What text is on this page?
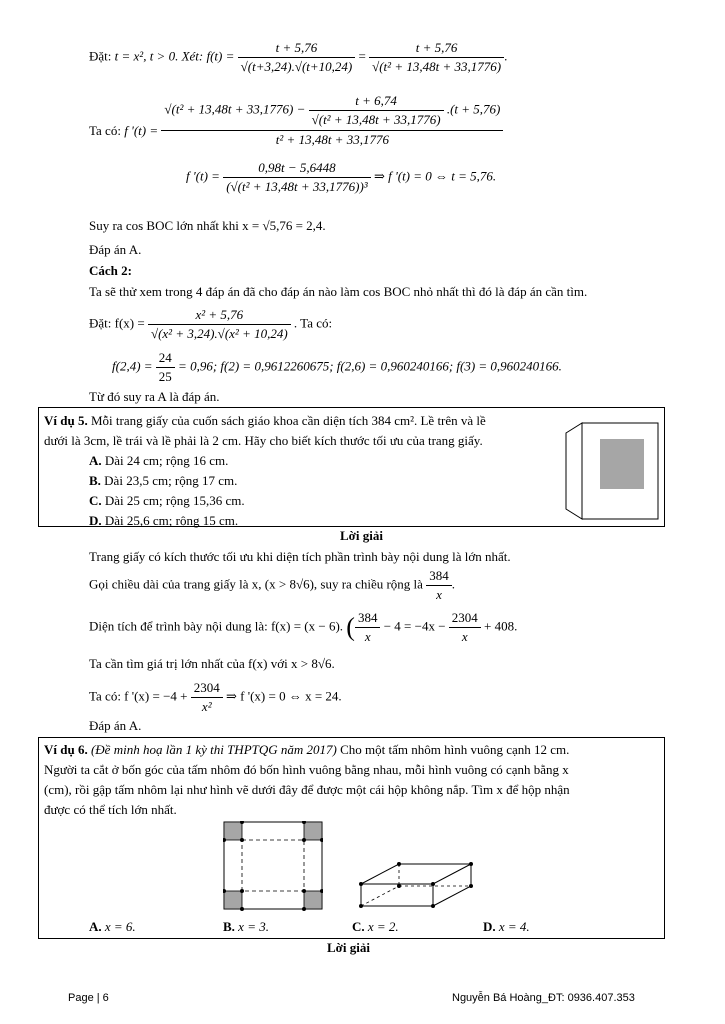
Đặt: t = x², t > 0. Xét: $f(t) = \frac{t + 5,76}{√(t+3,24).√(t+10,24)} = \frac{t + 5,76}{\text{√(t² + 13,48t + 33,1776)}}$ .
Ta có: f '(t) =
$√(t^2 + 13,48t + 33,1776) - \frac{t + 6,74}{\text{√(t² + 13,48t + 33,1776)}} .(t + 5,76)$
t² + 13,48t + 33,1776
f '$(t) = \frac{0,98t - 5,6448}{\text{(√(t² + 13,48t + 33,1776))³}}$ ⇒ f '(t) = 0 ⇔ t = 5,76.
Suy ra cos BOC lớn nhất khi x = √5,76 = 2,4.
Đáp án A.
Cách 2:
Ta sẽ thử xem trong 4 đáp án đã cho đáp án nào làm cos BOC nhỏ nhất thì đó là đáp án cần tìm.
Đặt: $f(x) = \frac{\text{x² + 5,76}}{\text{√(x² + 3,24).√(x² + 10,24)}}$ . Ta có:
$f(2,4) = \frac{24}{25} = 0,96$; f(2) = 0,9612260675; f(2,6) = 0,960240166; f(3) = 0,960240166.
Từ đó suy ra A là đáp án.
Ví dụ 5. Mỗi trang giấy của cuốn sách giáo khoa cần diện tích 384 cm². Lề trên và lề
dưới là 3cm, lề trái và lề phải là 2 cm. Hãy cho biết kích thước tối ưu của trang giấy.
A. Dài 24 cm; rộng 16 cm.
B. Dài 23,5 cm; rộng 17 cm.
C. Dài 25 cm; rộng 15,36 cm.
D. Dài 25,6 cm; rộng 15 cm.
Lời giải
Trang giấy có kích thước tối ưu khi diện tích phần trình bày nội dung là lớn nhất.
Gọi chiều dài của trang giấy là x, (x > 8√6), suy ra chiều rộng là $\frac{384}{x}$ .
Diện tích để trình bày nội dung là: f(x) = (x − 6). ( $\frac{384}{x} - 4 = -4x - \frac{2304}{x} + 408$.
Ta cần tìm giá trị lớn nhất của f(x) với x > 8√6.
Ta có: f '$(x) = -4 + \frac{2304}{\text{x²}}$ ⇒ f '(x) = 0 ⇔ x = 24.
Đáp án A.
Ví dụ 6. (Đề minh hoạ lần 1 kỳ thi THPTQG năm 2017) Cho một tấm nhôm hình vuông cạnh 12 cm.
Người ta cắt ở bốn góc của tấm nhôm đó bốn hình vuông bằng nhau, mỗi hình vuông có cạnh bằng x
(cm), rồi gập tấm nhôm lại như hình vẽ dưới đây để được một cái hộp không nắp. Tìm x để hộp nhận
được có thể tích lớn nhất.
A. x = 6.	B. x = 3.	C. x = 2.	D. x = 4.
Lời giải
Page | 6	Nguyễn Bá Hoàng_ĐT: 0936.407.353
